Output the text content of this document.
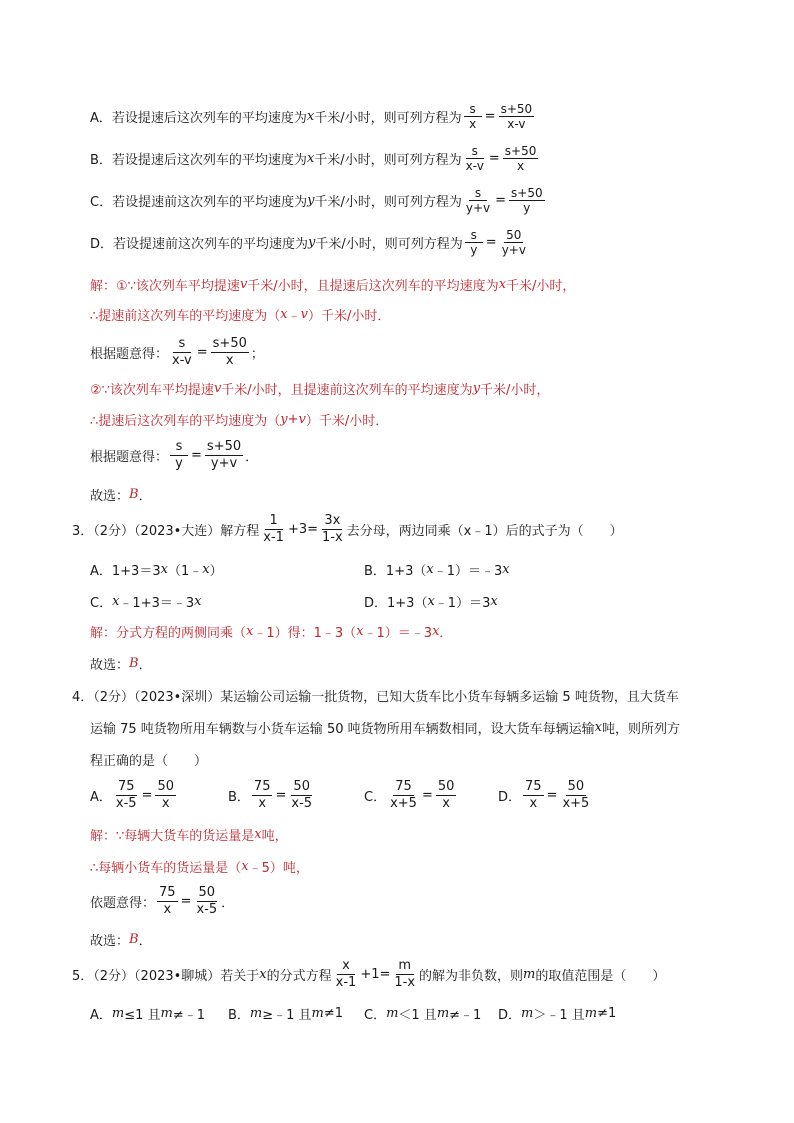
A． 若设提速后这次列车的平均速度为 x 千米/小时，则可列方程为 $\frac{s}{x} = \frac{s+50}{x-v}$
B． 若设提速后这次列车的平均速度为 x 千米/小时，则可列方程为 $\frac{s}{x-v} = \frac{s+50}{x}$
C． 若设提速前这次列车的平均速度为 y 千米/小时，则可列方程为 $\frac{s}{y+v} = \frac{s+50}{y}$
D． 若设提速前这次列车的平均速度为 y 千米/小时，则可列方程为 $\frac{s}{y} = \frac{50}{y+v}$
解：①∵该次列车平均提速 v 千米/小时，且提速后这次列车的平均速度为 x 千米/小时，
∴提速前这次列车的平均速度为（ x ﹣ v ）千米/小时．
根据题意得： $\frac{s}{x-v} = \frac{s+50}{x}$ ；
②∵该次列车平均提速 v 千米/小时，且提速前这次列车的平均速度为 y 千米/小时，
∴提速后这次列车的平均速度为（ y + v ）千米/小时．
根据题意得： $\frac{s}{y} = \frac{s+50}{y+v}$ ．
故选： B ．
3．（2分）（2023•大连）解方程 $\frac{1}{x-1} +3= \frac{3x}{1-x}$ 去分母，两边同乘（x﹣1）后的式子为（　　）
A．1+3＝3 x （1﹣ x ）	B．1+3（ x ﹣1）＝﹣3 x
C． x ﹣1+3＝﹣3 x	D．1+3（ x ﹣1）＝3 x
解：分式方程的两侧同乘（ x ﹣1）得：1﹣3（ x ﹣1）＝﹣3 x ．
故选： B ．
4．（2分）（2023•深圳）某运输公司运输一批货物，已知大货车比小货车每辆多运输 5 吨货物，且大货车
运输 75 吨货物所用车辆数与小货车运输 50 吨货物所用车辆数相同，设大货车每辆运输 x 吨，则所列方
程正确的是（　　）
A． $\frac{75}{x-5} = \frac{50}{x}$	B． $\frac{75}{x} = \frac{50}{x-5}$	C． $\frac{75}{x+5} = \frac{50}{x}$	D． $\frac{75}{x} = \frac{50}{x+5}$
解：∵每辆大货车的货运量是 x 吨，
∴每辆小货车的货运量是（ x ﹣5）吨，
依题意得： $\frac{75}{x} = \frac{50}{x-5}$ ．
故选： B ．
5．（2分）（2023•聊城）若关于 x 的分式方程 $\frac{x}{x-1} +1= \frac{m}{1-x}$ 的解为非负数，则 m 的取值范围是（　　）
A． m ≤1 且 m ≠﹣1 B． m ≥﹣1 且 m ≠1 C． m ＜1 且 m ≠﹣1 D． m ＞﹣1 且 m ≠1
